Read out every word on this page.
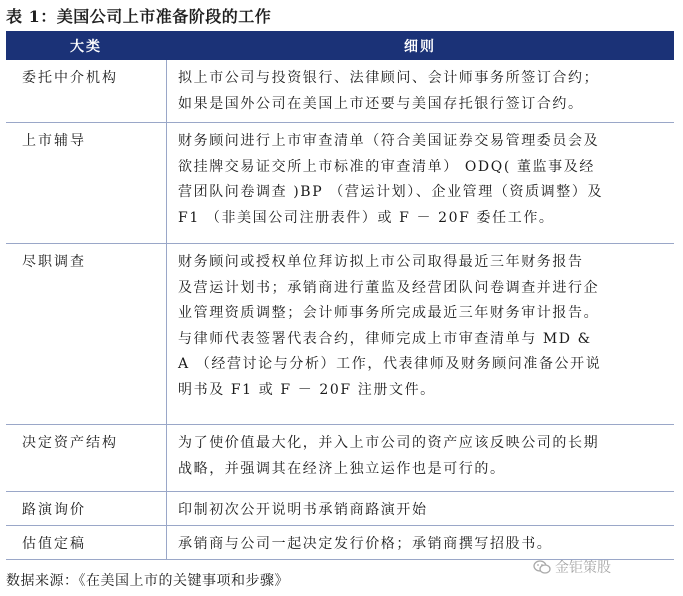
表 1：美国公司上市准备阶段的工作
大类	细则
委托中介机构	拟上市公司与投资银行、法律顾问、会计师事务所签订合约；
如果是国外公司在美国上市还要与美国存托银行签订合约。
上市辅导	财务顾问进行上市审查清单（符合美国证券交易管理委员会及
欲挂牌交易证交所上市标准的审查清单） ODQ( 董监事及经
营团队问卷调查 )BP （营运计划）、企业管理（资质调整）及
F1 （非美国公司注册表件）或 F － 20F 委任工作。
尽职调查	财务顾问或授权单位拜访拟上市公司取得最近三年财务报告
及营运计划书；承销商进行董监及经营团队问卷调查并进行企
业管理资质调整；会计师事务所完成最近三年财务审计报告。
与律师代表签署代表合约，律师完成上市审查清单与 MD &
A （经营讨论与分析）工作，代表律师及财务顾问准备公开说
明书及 F1 或 F － 20F 注册文件。
决定资产结构	为了使价值最大化，并入上市公司的资产应该反映公司的长期
战略，并强调其在经济上独立运作也是可行的。
路演询价	印制初次公开说明书承销商路演开始
估值定稿	承销商与公司一起决定发行价格；承销商撰写招股书。
数据来源：《在美国上市的关键事项和步骤》
金钜策股
